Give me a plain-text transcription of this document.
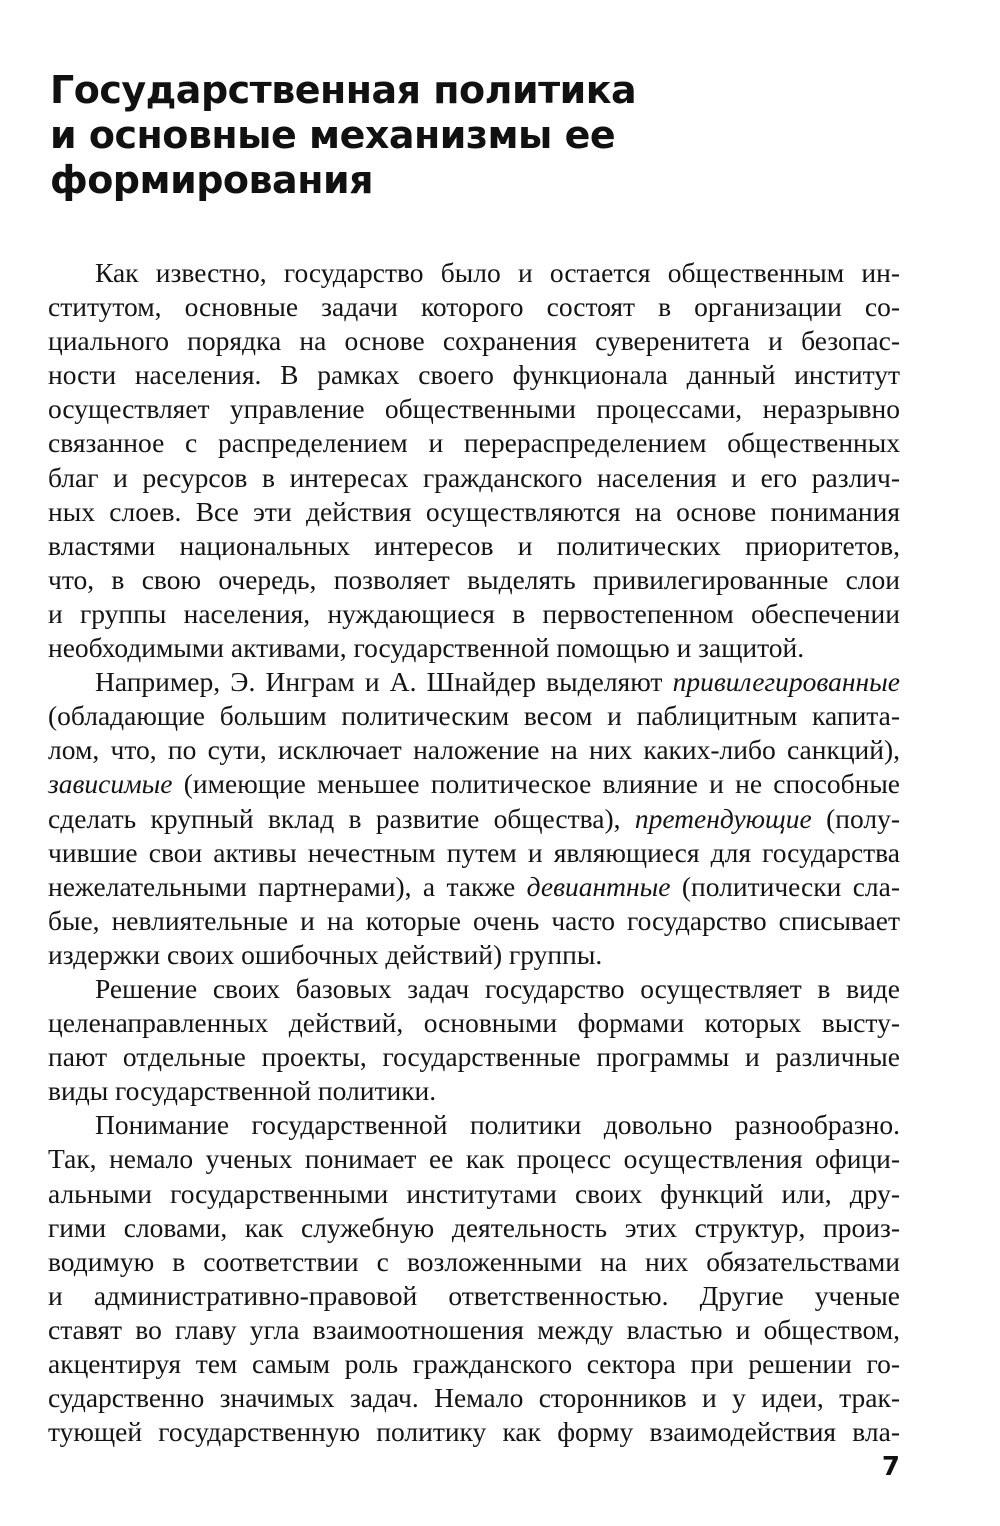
Государственная политика
и основные механизмы ее
формирования
Как известно, государство было и остается общественным ин-
ститутом, основные задачи которого состоят в организации со-
циального порядка на основе сохранения суверенитета и безопас-
ности населения. В рамках своего функционала данный институт
осуществляет управление общественными процессами, неразрывно
связанное с распределением и перераспределением общественных
благ и ресурсов в интересах гражданского населения и его различ-
ных слоев. Все эти действия осуществляются на основе понимания
властями национальных интересов и политических приоритетов,
что, в свою очередь, позволяет выделять привилегированные слои
и группы населения, нуждающиеся в первостепенном обеспечении
необходимыми активами, государственной помощью и защитой.
Например, Э. Инграм и А. Шнайдер выделяют привилегированные
(обладающие большим политическим весом и паблицитным капита-
лом, что, по сути, исключает наложение на них каких-либо санкций),
зависимые (имеющие меньшее политическое влияние и не способные
сделать крупный вклад в развитие общества), претендующие (полу-
чившие свои активы нечестным путем и являющиеся для государства
нежелательными партнерами), а также девиантные (политически сла-
бые, невлиятельные и на которые очень часто государство списывает
издержки своих ошибочных действий) группы.
Решение своих базовых задач государство осуществляет в виде
целенаправленных действий, основными формами которых высту-
пают отдельные проекты, государственные программы и различные
виды государственной политики.
Понимание государственной политики довольно разнообразно.
Так, немало ученых понимает ее как процесс осуществления офици-
альными государственными институтами своих функций или, дру-
гими словами, как служебную деятельность этих структур, произ-
водимую в соответствии с возложенными на них обязательствами
и административно-правовой ответственностью. Другие ученые
ставят во главу угла взаимоотношения между властью и обществом,
акцентируя тем самым роль гражданского сектора при решении го-
сударственно значимых задач. Немало сторонников и у идеи, трак-
тующей государственную политику как форму взаимодействия вла-
7
